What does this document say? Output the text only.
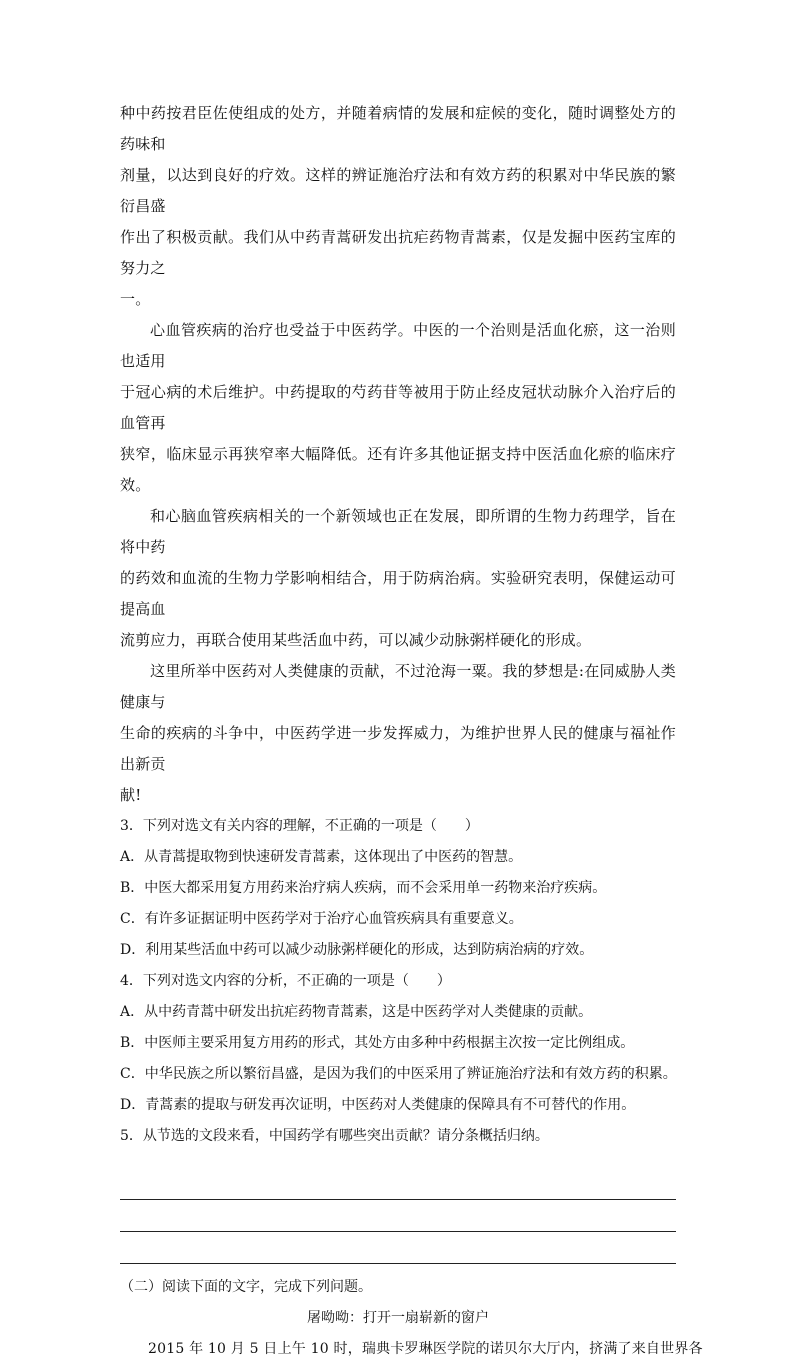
种中药按君臣佐使组成的处方，并随着病情的发展和症候的变化，随时调整处方的药味和
剂量，以达到良好的疗效。这样的辨证施治疗法和有效方药的积累对中华民族的繁衍昌盛
作出了积极贡献。我们从中药青蒿研发出抗疟药物青蒿素，仅是发掘中医药宝库的努力之
一。

心血管疾病的治疗也受益于中医药学。中医的一个治则是活血化瘀，这一治则也适用
于冠心病的术后维护。中药提取的芍药苷等被用于防止经皮冠状动脉介入治疗后的血管再
狭窄，临床显示再狭窄率大幅降低。还有许多其他证据支持中医活血化瘀的临床疗效。

和心脑血管疾病相关的一个新领域也正在发展，即所谓的生物力药理学，旨在将中药
的药效和血流的生物力学影响相结合，用于防病治病。实验研究表明，保健运动可提高血
流剪应力，再联合使用某些活血中药，可以减少动脉粥样硬化的形成。

这里所举中医药对人类健康的贡献，不过沧海一粟。我的梦想是:在同威胁人类健康与
生命的疾病的斗争中，中医药学进一步发挥威力，为维护世界人民的健康与福祉作出新贡
献!

3．下列对选文有关内容的理解，不正确的一项是（　　）

A．从青蒿提取物到快速研发青蒿素，这体现出了中医药的智慧。

B．中医大都采用复方用药来治疗病人疾病，而不会采用单一药物来治疗疾病。

C．有许多证据证明中医药学对于治疗心血管疾病具有重要意义。

D．利用某些活血中药可以减少动脉粥样硬化的形成，达到防病治病的疗效。

4．下列对选文内容的分析，不正确的一项是（　　）

A．从中药青蒿中研发出抗疟药物青蒿素，这是中医药学对人类健康的贡献。

B．中医师主要采用复方用药的形式，其处方由多种中药根据主次按一定比例组成。

C．中华民族之所以繁衍昌盛，是因为我们的中医采用了辨证施治疗法和有效方药的积累。

D．青蒿素的提取与研发再次证明，中医药对人类健康的保障具有不可替代的作用。

5．从节选的文段来看，中国药学有哪些突出贡献？请分条概括归纳。

（二）阅读下面的文字，完成下列问题。

屠呦呦：打开一扇崭新的窗户

2015 年 10 月 5 日上午 10 时，瑞典卡罗琳医学院的诺贝尔大厅内，挤满了来自世界各
